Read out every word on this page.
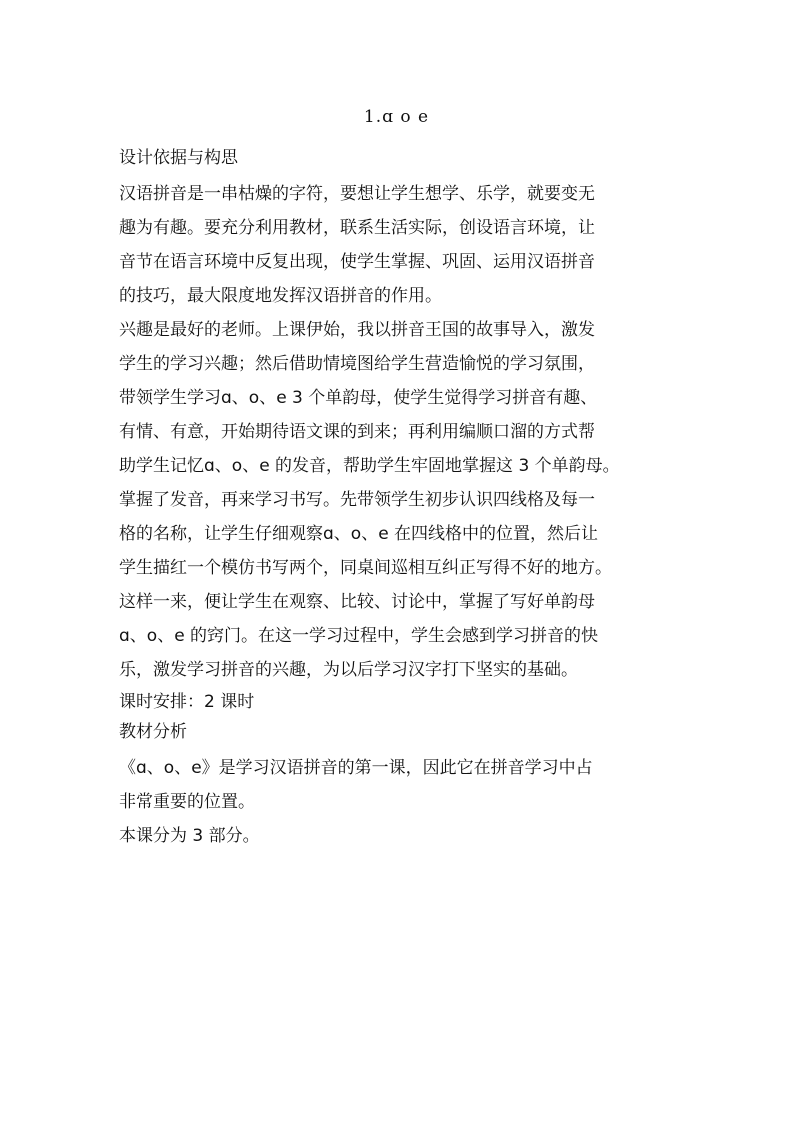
1.ɑ o e
设计依据与构思
汉语拼音是一串枯燥的字符，要想让学生想学、乐学，就要变无
趣为有趣。要充分利用教材，联系生活实际，创设语言环境，让
音节在语言环境中反复出现，使学生掌握、巩固、运用汉语拼音
的技巧，最大限度地发挥汉语拼音的作用。
兴趣是最好的老师。上课伊始，我以拼音王国的故事导入，激发
学生的学习兴趣；然后借助情境图给学生营造愉悦的学习氛围，
带领学生学习ɑ、o、e 3 个单韵母，使学生觉得学习拼音有趣、
有情、有意，开始期待语文课的到来；再利用编顺口溜的方式帮
助学生记忆ɑ、o、e 的发音，帮助学生牢固地掌握这 3 个单韵母。
掌握了发音，再来学习书写。先带领学生初步认识四线格及每一
格的名称，让学生仔细观察ɑ、o、e 在四线格中的位置，然后让
学生描红一个模仿书写两个，同桌间巡相互纠正写得不好的地方。
这样一来，便让学生在观察、比较、讨论中，掌握了写好单韵母
ɑ、o、e 的窍门。在这一学习过程中，学生会感到学习拼音的快
乐，激发学习拼音的兴趣，为以后学习汉字打下坚实的基础。
课时安排：2 课时
教材分析
《ɑ、o、e》是学习汉语拼音的第一课，因此它在拼音学习中占
非常重要的位置。
本课分为 3 部分。
